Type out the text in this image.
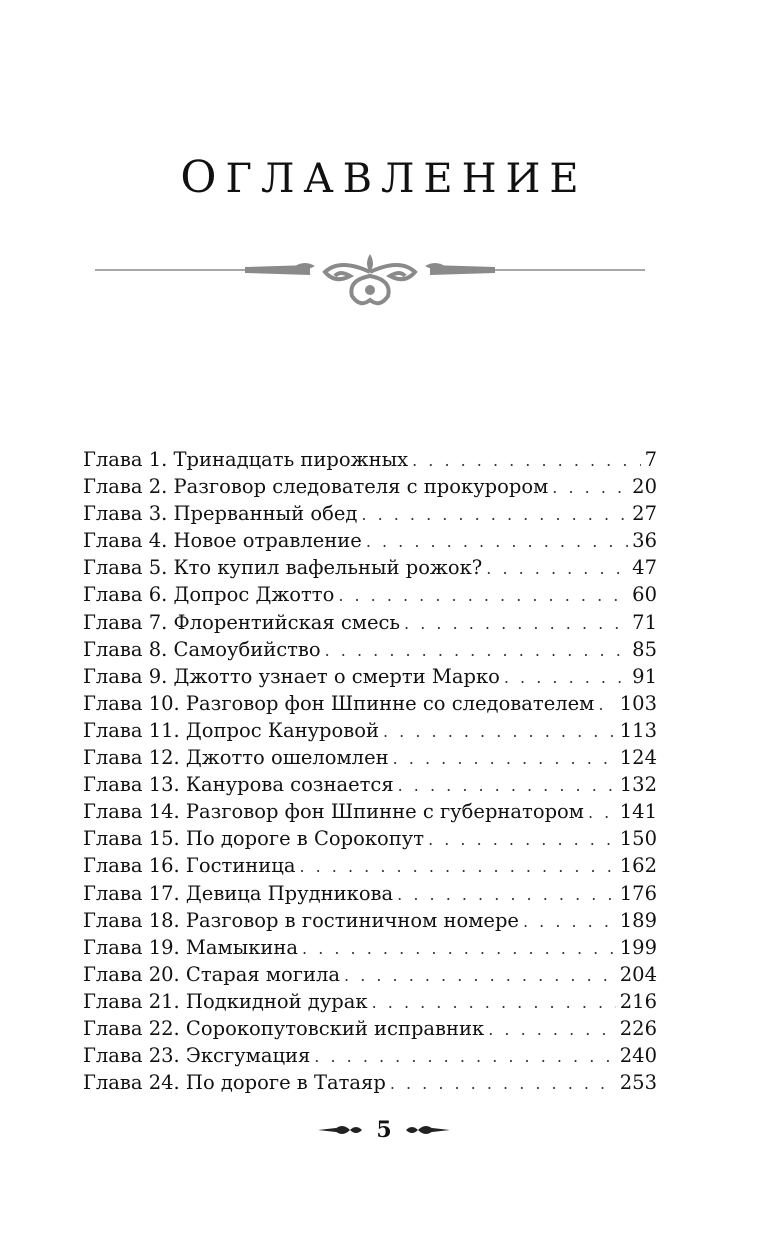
ОГЛАВЛЕНИЕ
Глава 1. Тринадцать пирожных . . .	7
Глава 2. Разговор следователя с прокурором . . .	20
Глава 3. Прерванный обед . . .	27
Глава 4. Новое отравление . . .	36
Глава 5. Кто купил вафельный рожок? . . .	47
Глава 6. Допрос Джотто . . .	60
Глава 7. Флорентийская смесь . . .	71
Глава 8. Самоубийство . . .	85
Глава 9. Джотто узнает о смерти Марко . . .	91
Глава 10. Разговор фон Шпинне со следователем . . . 103
Глава 11. Допрос Кануровой . . .	113
Глава 12. Джотто ошеломлен . . .	124
Глава 13. Канурова сознается . . .	132
Глава 14. Разговор фон Шпинне с губернатором . . . 141
Глава 15. По дороге в Сорокопут . . .	150
Глава 16. Гостиница . . .	162
Глава 17. Девица Прудникова . . .	176
Глава 18. Разговор в гостиничном номере . . .	189
Глава 19. Мамыкина . . .	199
Глава 20. Старая могила . . .	204
Глава 21. Подкидной дурак . . .	216
Глава 22. Сорокопутовский исправник . . .	226
Глава 23. Эксгумация . . .	240
Глава 24. По дороге в Татаяр . . .	253
5
